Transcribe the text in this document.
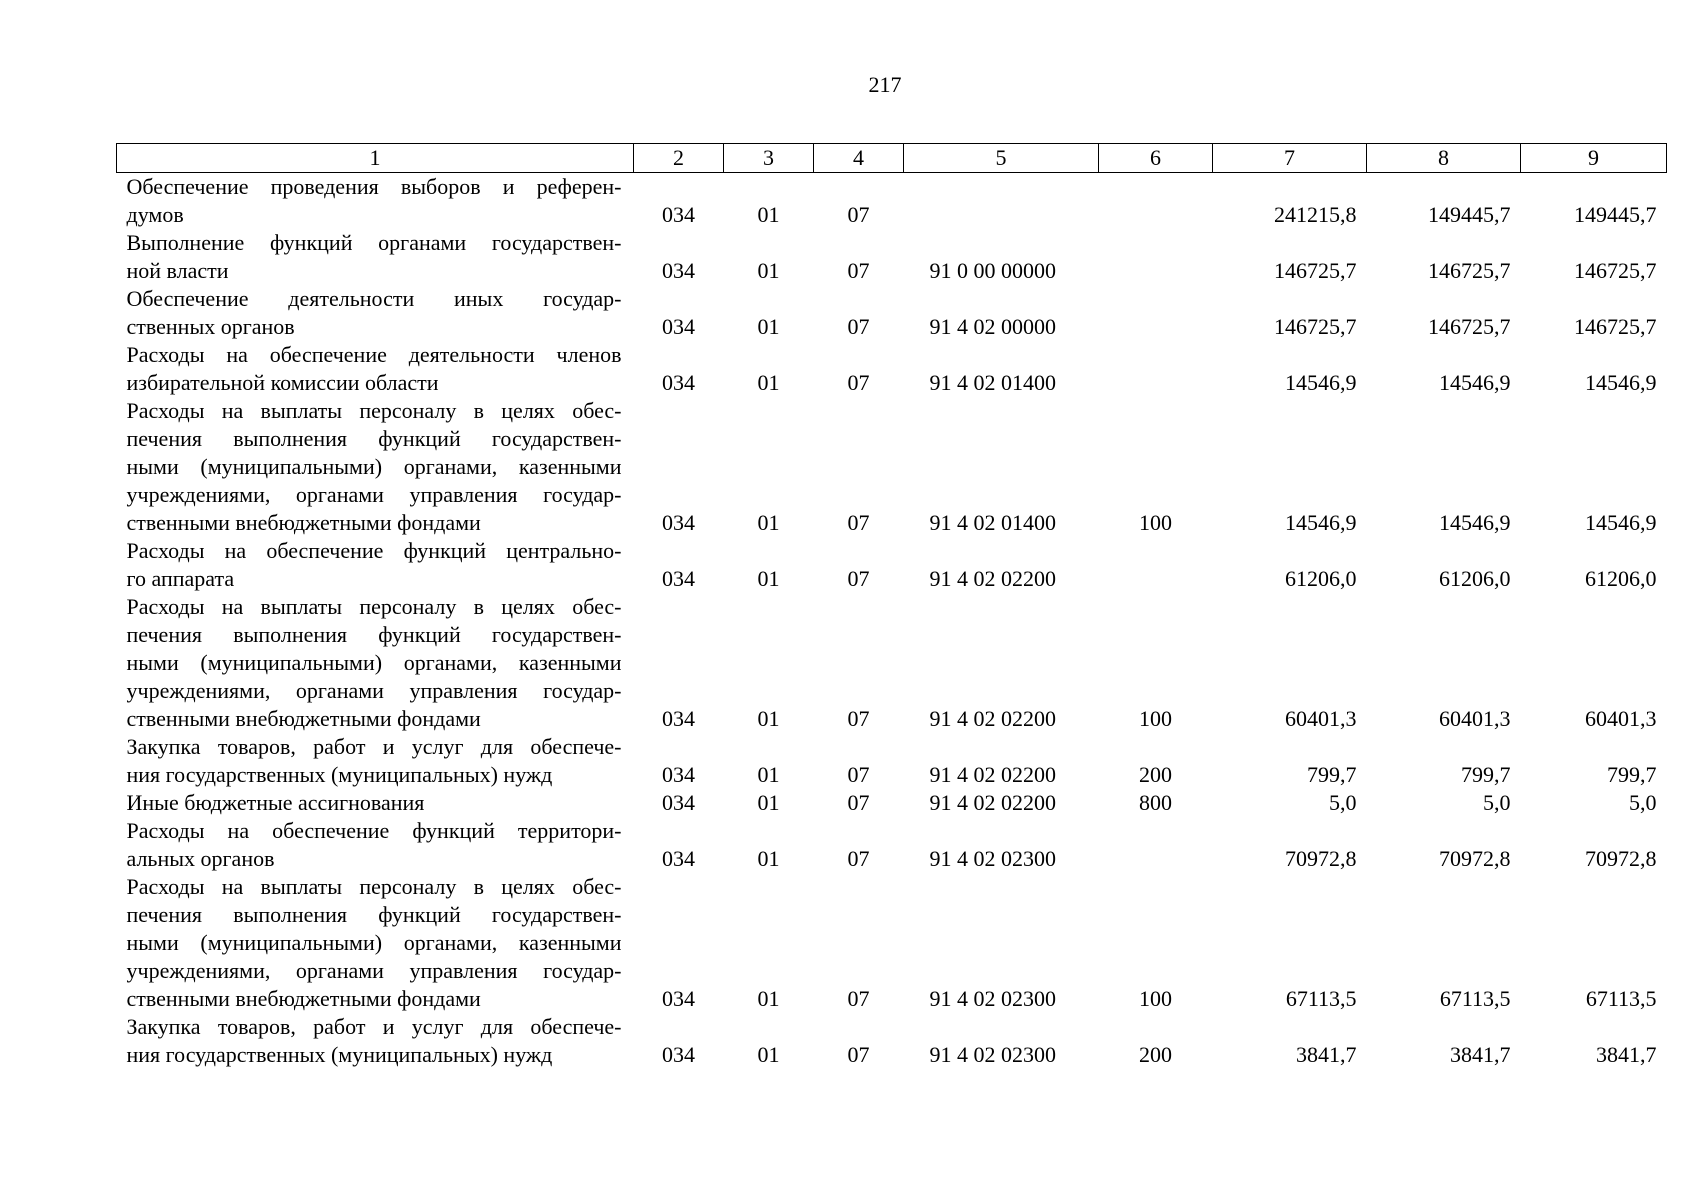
217
1	2	3	4	5	6	7	8	9

Обеспечение проведения выборов и референ-
думов	034	01	07			241215,8	149445,7	149445,7

Выполнение функций органами государствен-
ной власти	034	01	07	91 0 00 00000		146725,7	146725,7	146725,7

Обеспечение деятельности иных государ-
ственных органов	034	01	07	91 4 02 00000		146725,7	146725,7	146725,7

Расходы на обеспечение деятельности членов
избирательной комиссии области	034	01	07	91 4 02 01400		14546,9	14546,9	14546,9

Расходы на выплаты персоналу в целях обес-
печения выполнения функций государствен-
ными (муниципальными) органами, казенными
учреждениями, органами управления государ-
ственными внебюджетными фондами	034	01	07	91 4 02 01400	100	14546,9	14546,9	14546,9

Расходы на обеспечение функций центрально-
го аппарата	034	01	07	91 4 02 02200		61206,0	61206,0	61206,0

Расходы на выплаты персоналу в целях обес-
печения выполнения функций государствен-
ными (муниципальными) органами, казенными
учреждениями, органами управления государ-
ственными внебюджетными фондами	034	01	07	91 4 02 02200	100	60401,3	60401,3	60401,3

Закупка товаров, работ и услуг для обеспече-
ния государственных (муниципальных) нужд	034	01	07	91 4 02 02200	200	799,7	799,7	799,7

Иные бюджетные ассигнования	034	01	07	91 4 02 02200	800	5,0	5,0	5,0

Расходы на обеспечение функций территори-
альных органов	034	01	07	91 4 02 02300		70972,8	70972,8	70972,8

Расходы на выплаты персоналу в целях обес-
печения выполнения функций государствен-
ными (муниципальными) органами, казенными
учреждениями, органами управления государ-
ственными внебюджетными фондами	034	01	07	91 4 02 02300	100	67113,5	67113,5	67113,5

Закупка товаров, работ и услуг для обеспече-
ния государственных (муниципальных) нужд	034	01	07	91 4 02 02300	200	3841,7	3841,7	3841,7
